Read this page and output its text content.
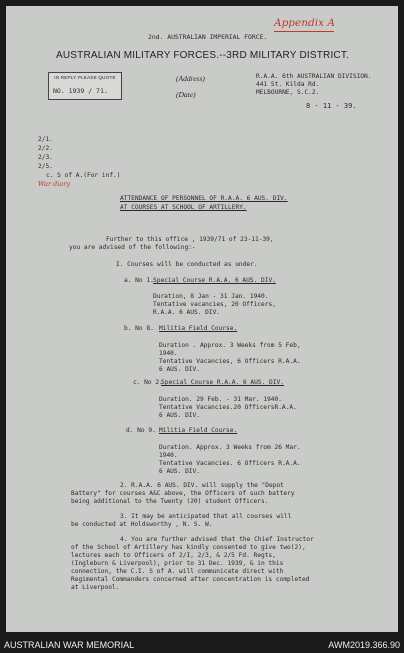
2nd. AUSTRALIAN IMPERIAL FORCE.
Appendix A
AUSTRALIAN MILITARY FORCES.--3RD MILITARY DISTRICT.
IN REPLY PLEASE QUOTE
NO. 1939 / 71.
(Address)
(Date)
R.A.A. 6th AUSTRALIAN DIVISION.
441 St. Kilda Rd.
MELBOURNE, S.C.2.
8 - 11 - 39.
2/1.
2/2.
2/3.
2/5.
c. S of A.(For inf.)
War diary
ATTENDANCE OF PERSONNEL OF R.A.A. 6 AUS. DIV.
AT COURSES AT SCHOOL OF ARTILLERY.
Further to this office , 1939/71 of 23-11-39,
you are advised of the following:-
I. Courses will be conducted as under.
a. No 1. Special Course R.A.A. 6 AUS. DIV.
Duration, 8 Jan - 31 Jan. 1940.
Tentative vacancies, 20 Officers,
R.A.A. 6 AUS. DIV.
b. No 8. Militia Field Course.
Duration . Approx. 3 Weeks from 5 Feb,
1940.
Tentative Vacancies, 6 Officers R.A.A.
6 AUS. DIV.
c. No 2.
Special Course R.A.A. 6 AUS. DIV.
Duration. 29 Feb. - 31 Mar. 1940.
Tentative Vacancies.20 OfficersR.A.A.
6 AUS. DIV.
d. No 9. Militia Field Course.
Duration. Approx. 3 Weeks from 26 Mar.
1940.
Tentative Vacancies. 6 Officers R.A.A.
6 AUS. DIV.
2. R.A.A. 6 AUS. DIV. will supply the "Depot
Battery" for courses A&C above, the Officers of such battery
being additional to the Twenty (20) student Officers.
3. It may be anticipated that all courses will
be conducted at Holdsworthy , N. S. W.
4. You are further advised that the Chief Instructor
of the School of Artillery has kindly consented to give two(2),
lectures each to Officers of 2/I, 2/3, & 2/5 Fd. Regts,
(Ingleburn & Liverpool), prior to 31 Dec. 1939, & in this
connection, the C.I. S of A. will communicate direct with
Regimental Commanders concerned after concentration is completed
at Liverpool.
AUSTRALIAN WAR MEMORIAL	AWM2019.366.90
